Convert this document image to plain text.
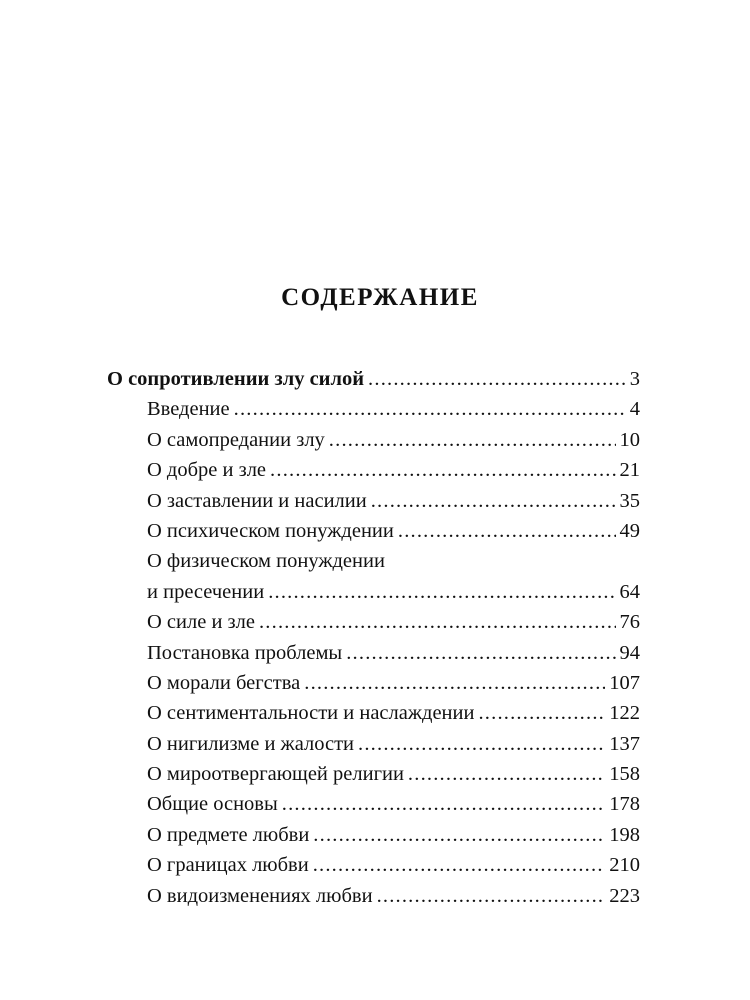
СОДЕРЖАНИЕ
О сопротивлении злу силой .....	3
Введение .....	4
О самопредании злу .....	10
О добре и зле .....	21
О заставлении и насилии .....	35
О психическом понуждении .....	49
О физическом понуждении
и пресечении .....	64
О силе и зле .....	76
Постановка проблемы .....	94
О морали бегства .....	107
О сентиментальности и наслаждении .....	122
О нигилизме и жалости .....	137
О мироотвергающей религии .....	158
Общие основы .....	178
О предмете любви .....	198
О границах любви .....	210
О видоизменениях любви .....	223
